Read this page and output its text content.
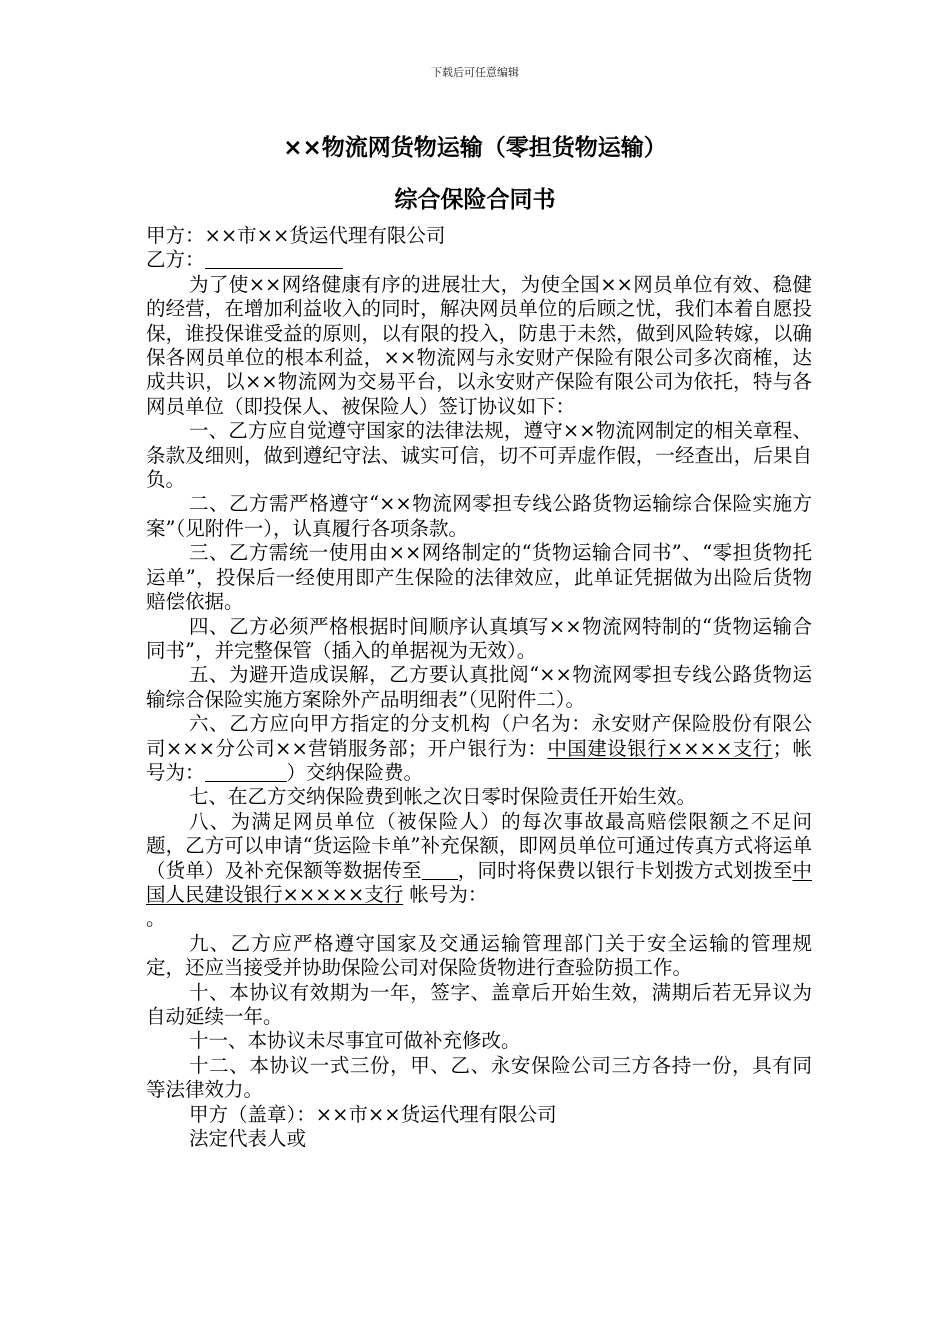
下载后可任意编辑
××物流网货物运输（零担货物运输）
综合保险合同书

甲方：××市××货运代理有限公司

乙方：

为了使××网络健康有序的进展壮大，为使全国××网员单位有效、稳健的经营，在增加利益收入的同时，解决网员单位的后顾之忧，我们本着自愿投保，谁投保谁受益的原则，以有限的投入，防患于未然，做到风险转嫁，以确保各网员单位的根本利益，××物流网与永安财产保险有限公司多次商榷，达成共识，以××物流网为交易平台，以永安财产保险有限公司为依托，特与各网员单位（即投保人、被保险人）签订协议如下：

一、乙方应自觉遵守国家的法律法规，遵守××物流网制定的相关章程、条款及细则，做到遵纪守法、诚实可信，切不可弄虚作假，一经查出，后果自负。

二、乙方需严格遵守“××物流网零担专线公路货物运输综合保险实施方案”（见附件一），认真履行各项条款。

三、乙方需统一使用由××网络制定的“货物运输合同书”、“零担货物托运单”，投保后一经使用即产生保险的法律效应，此单证凭据做为出险后货物赔偿依据。

四、乙方必须严格根据时间顺序认真填写××物流网特制的“货物运输合同书”，并完整保管（插入的单据视为无效）。

五、为避开造成误解，乙方要认真批阅“××物流网零担专线公路货物运输综合保险实施方案除外产品明细表”（见附件二）。

六、乙方应向甲方指定的分支机构（户名为：永安财产保险股份有限公司×××分公司××营销服务部；开户银行为：中国建设银行××××支行；帐号为：	）交纳保险费。

七、在乙方交纳保险费到帐之次日零时保险责任开始生效。

八、为满足网员单位（被保险人）的每次事故最高赔偿限额之不足问题，乙方可以申请“货运险卡单”补充保额，即网员单位可通过传真方式将运单（货单）及补充保额等数据传至 ，同时将保费以银行卡划拨方式划拨至中国人民建设银行×××××支行 帐号为：
。

九、乙方应严格遵守国家及交通运输管理部门关于安全运输的管理规定，还应当接受并协助保险公司对保险货物进行查验防损工作。

十、本协议有效期为一年，签字、盖章后开始生效，满期后若无异议为自动延续一年。

十一、本协议未尽事宜可做补充修改。

十二、本协议一式三份，甲、乙、永安保险公司三方各持一份，具有同等法律效力。

甲方（盖章）：××市××货运代理有限公司

法定代表人或
